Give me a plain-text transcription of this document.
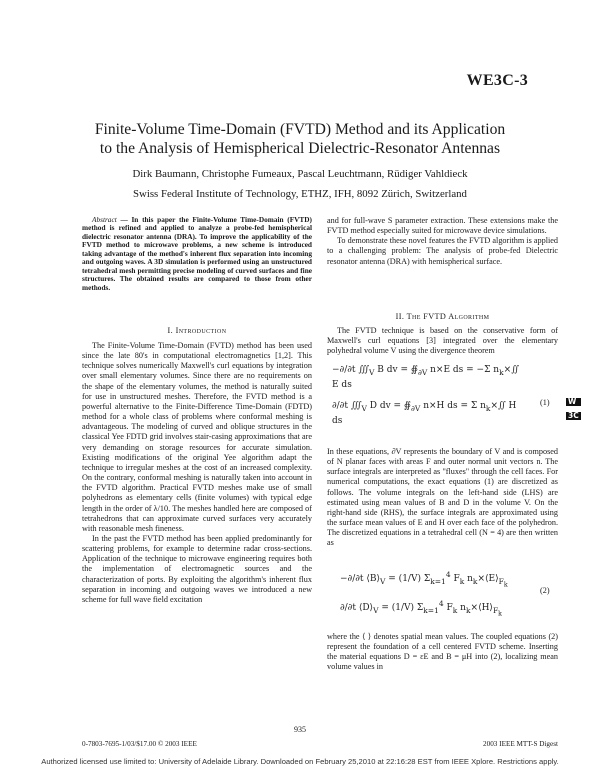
WE3C-3
Finite-Volume Time-Domain (FVTD) Method and its Application
to the Analysis of Hemispherical Dielectric-Resonator Antennas
Dirk Baumann, Christophe Fumeaux, Pascal Leuchtmann, Rüdiger Vahldieck
Swiss Federal Institute of Technology, ETHZ, IFH, 8092 Zürich, Switzerland

Abstract — In this paper the Finite-Volume Time-Domain (FVTD) method is refined and applied to analyze a probe-fed hemispherical dielectric resonator antenna (DRA). To improve the applicability of the FVTD method to microwave problems, a new scheme is introduced taking advantage of the method's inherent flux separation into incoming and outgoing waves. A 3D simulation is performed using an unstructured tetrahedral mesh permitting precise modeling of curved surfaces and fine structures. The obtained results are compared to those from other methods.

I. Introduction

The Finite-Volume Time-Domain (FVTD) method has been used since the late 80's in computational electromagnetics [1,2]. This technique solves numerically Maxwell's curl equations by integration over small elementary volumes. Since there are no requirements on the shape of the elementary volumes, the method is naturally suited for use in unstructured meshes. Therefore, the FVTD method is a powerful alternative to the Finite-Difference Time-Domain (FDTD) method for a whole class of problems where conformal meshing is advantageous. The modeling of curved and oblique structures in the classical Yee FDTD grid involves stair-casing approximations that are very demanding on storage resources for accurate simulation. Existing modifications of the original Yee algorithm adapt the technique to irregular meshes at the cost of an increased complexity. On the contrary, conformal meshing is naturally taken into account in the FVTD algorithm. Practical FVTD meshes make use of small polyhedrons as elementary cells (finite volumes) with typical edge length in the order of λ/10. The meshes handled here are composed of tetrahedrons that can approximate curved surfaces very accurately with reasonable mesh fineness.

In the past the FVTD method has been applied predominantly for scattering problems, for example to determine radar cross-sections. Application of the technique to microwave engineering requires both the implementation of electromagnetic sources and the characterization of ports. By exploiting the algorithm's inherent flux separation in incoming and outgoing waves we introduced a new scheme for full wave field excitation

and for full-wave S parameter extraction. These extensions make the FVTD method especially suited for microwave device simulations.

To demonstrate these novel features the FVTD algorithm is applied to a challenging problem: The analysis of probe-fed Dielectric resonator antenna (DRA) with hemispherical surface.

II. The FVTD Algorithm

The FVTD technique is based on the conservative form of Maxwell's curl equations [3] integrated over the elementary polyhedral volume V using the divergence theorem

−∂/∂t $∭_V$ B dv = $∯_{\partial V}$ n×E ds = −Σ $n_k\times∬$ E ds
∂/∂t $∭_V$ D dv = $∯_{\partial V}$ n×H ds = Σ $n_k\times∬$ H ds
(1) W
3C

In these equations, ∂V represents the boundary of V and is composed of N planar faces with areas F and outer normal unit vectors n. The surface integrals are interpreted as "fluxes" through the cell faces. For numerical computations, the exact equations (1) are discretized as follows. The volume integrals on the left-hand side (LHS) are estimated using mean values of B and D in the volume V. On the right-hand side (RHS), the surface integrals are approximated using the surface mean values of E and H over each face of the polyhedron. The discretized equations in a tetrahedral cell (N = 4) are then written as

−∂/∂t $⟨B⟩_V = (1/V)$ $\Sigma_{k=1}^4$ $F_k$ $n_k\times⟨E⟩_{F_k}$
∂/∂t $⟨D⟩_V = (1/V)$ $\Sigma_{k=1}^4$ $F_k$ $n_k\times⟨H⟩_{F_k}$
(2)

where the ⟨ ⟩ denotes spatial mean values. The coupled equations (2) represent the foundation of a cell centered FVTD scheme. Inserting the material equations D = εE and B = μH into (2), localizing mean volume values in

935
0-7803-7695-1/03/$17.00 © 2003 IEEE	2003 IEEE MTT-S Digest
Authorized licensed use limited to: University of Adelaide Library. Downloaded on February 25,2010 at 22:16:28 EST from IEEE Xplore. Restrictions apply.
